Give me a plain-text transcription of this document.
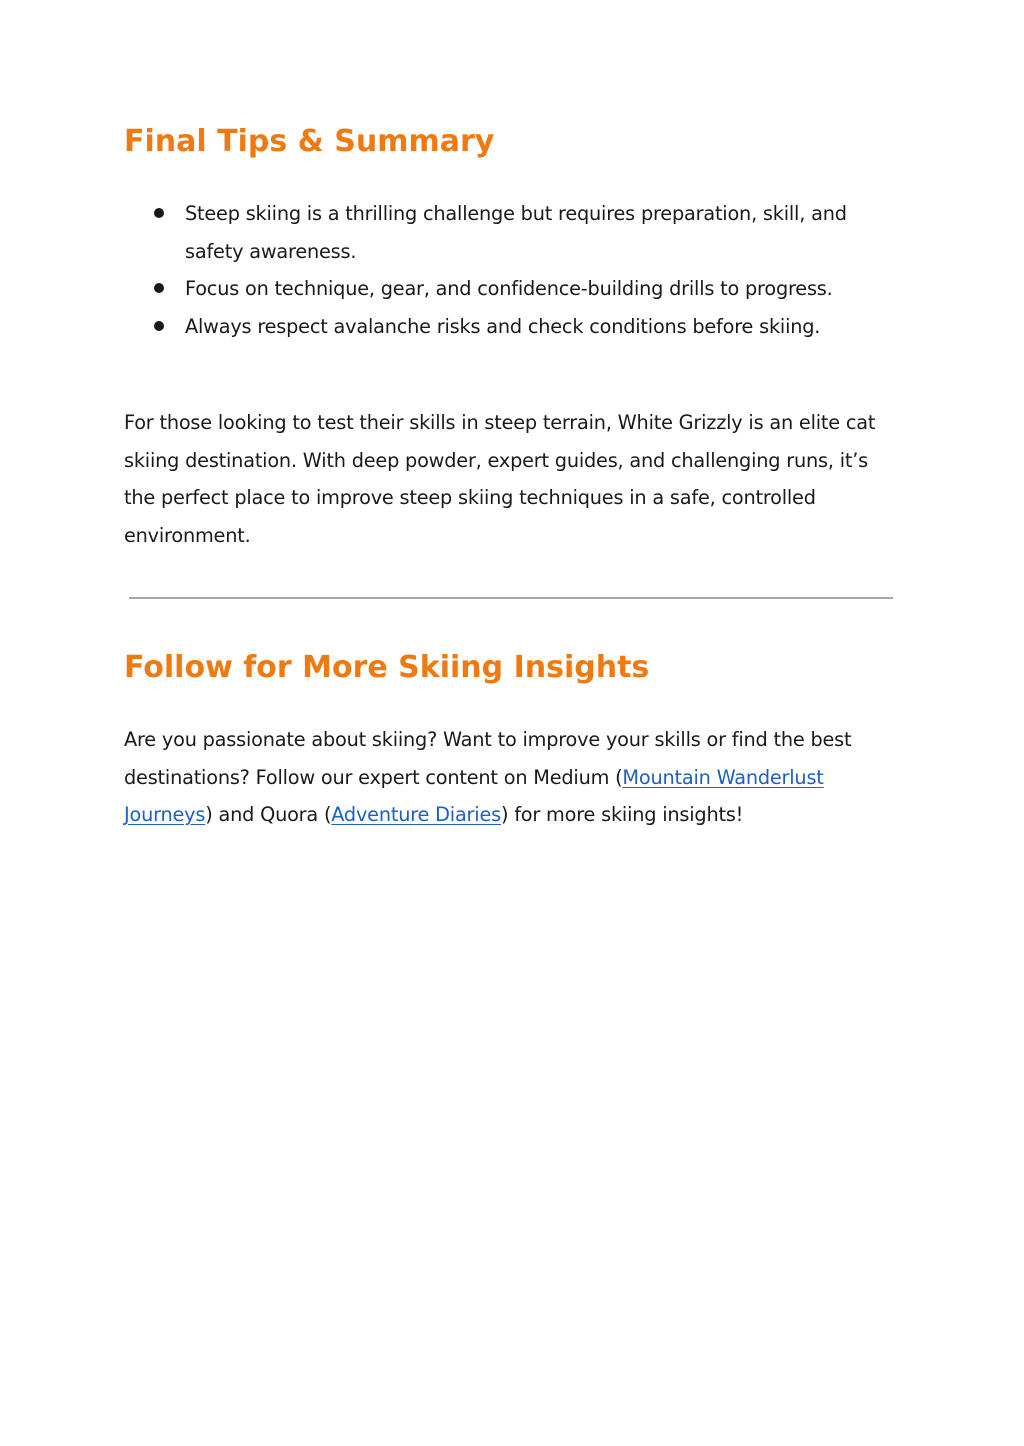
Final Tips & Summary
Steep skiing is a thrilling challenge but requires preparation, skill, and safety awareness.
Focus on technique, gear, and confidence-building drills to progress.
Always respect avalanche risks and check conditions before skiing.

For those looking to test their skills in steep terrain, White Grizzly is an elite cat skiing destination. With deep powder, expert guides, and challenging runs, it’s the perfect place to improve steep skiing techniques in a safe, controlled environment.

Follow for More Skiing Insights

Are you passionate about skiing? Want to improve your skills or find the best destinations? Follow our expert content on Medium (Mountain Wanderlust Journeys) and Quora (Adventure Diaries) for more skiing insights!
